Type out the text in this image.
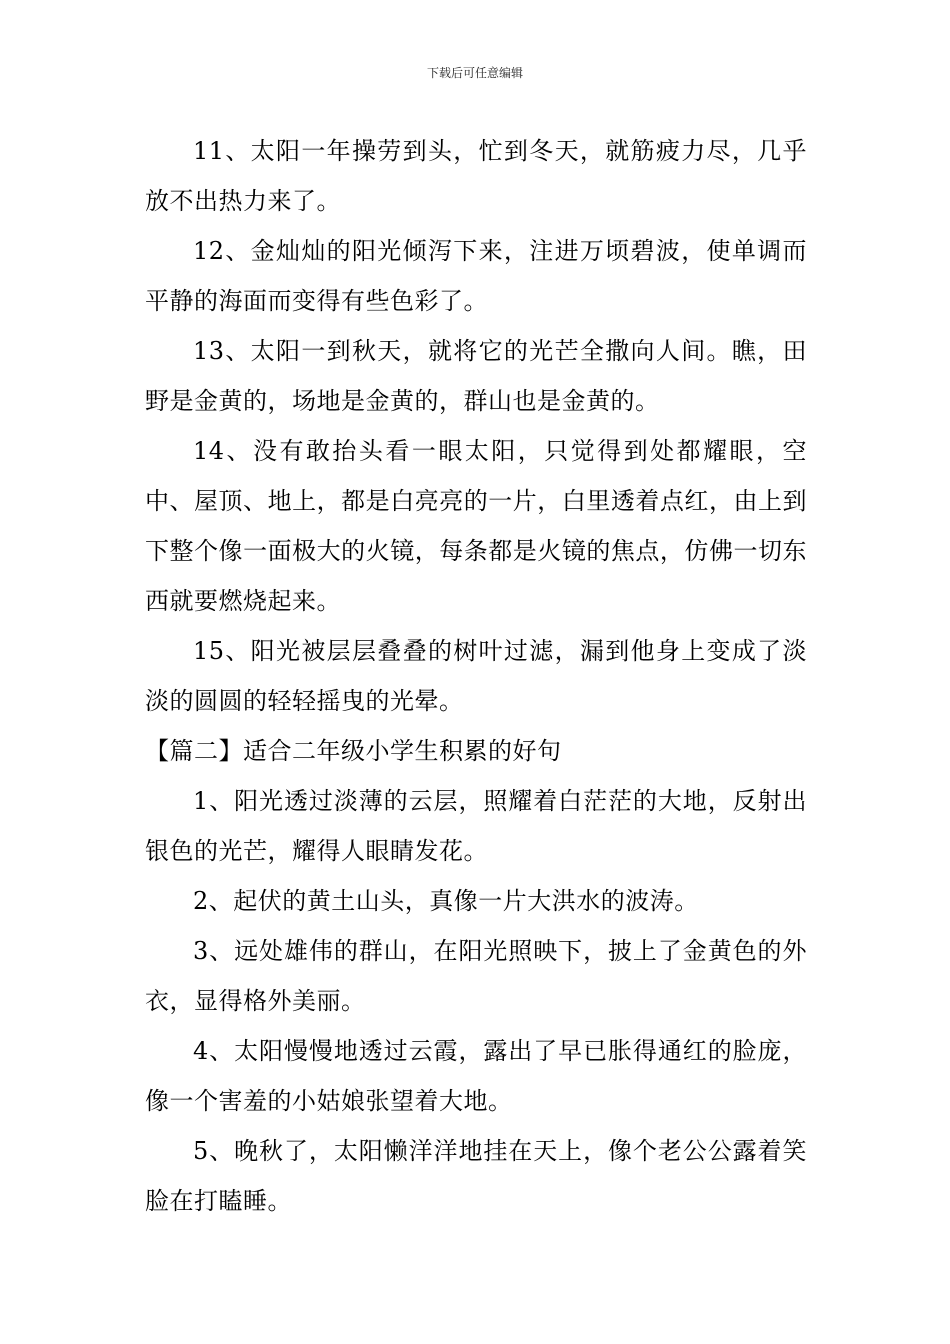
下载后可任意编辑

11、太阳一年操劳到头，忙到冬天，就筋疲力尽，几乎放不出热力来了。

12、金灿灿的阳光倾泻下来，注进万顷碧波，使单调而平静的海面而变得有些色彩了。

13、太阳一到秋天，就将它的光芒全撒向人间。瞧，田野是金黄的，场地是金黄的，群山也是金黄的。

14、没有敢抬头看一眼太阳，只觉得到处都耀眼，空中、屋顶、地上，都是白亮亮的一片，白里透着点红，由上到下整个像一面极大的火镜，每条都是火镜的焦点，仿佛一切东西就要燃烧起来。

15、阳光被层层叠叠的树叶过滤，漏到他身上变成了淡淡的圆圆的轻轻摇曳的光晕。

【篇二】适合二年级小学生积累的好句

1、阳光透过淡薄的云层，照耀着白茫茫的大地，反射出银色的光芒，耀得人眼睛发花。

2、起伏的黄土山头，真像一片大洪水的波涛。

3、远处雄伟的群山，在阳光照映下，披上了金黄色的外衣，显得格外美丽。

4、太阳慢慢地透过云霞，露出了早已胀得通红的脸庞，像一个害羞的小姑娘张望着大地。

5、晚秋了，太阳懒洋洋地挂在天上，像个老公公露着笑脸在打瞌睡。
